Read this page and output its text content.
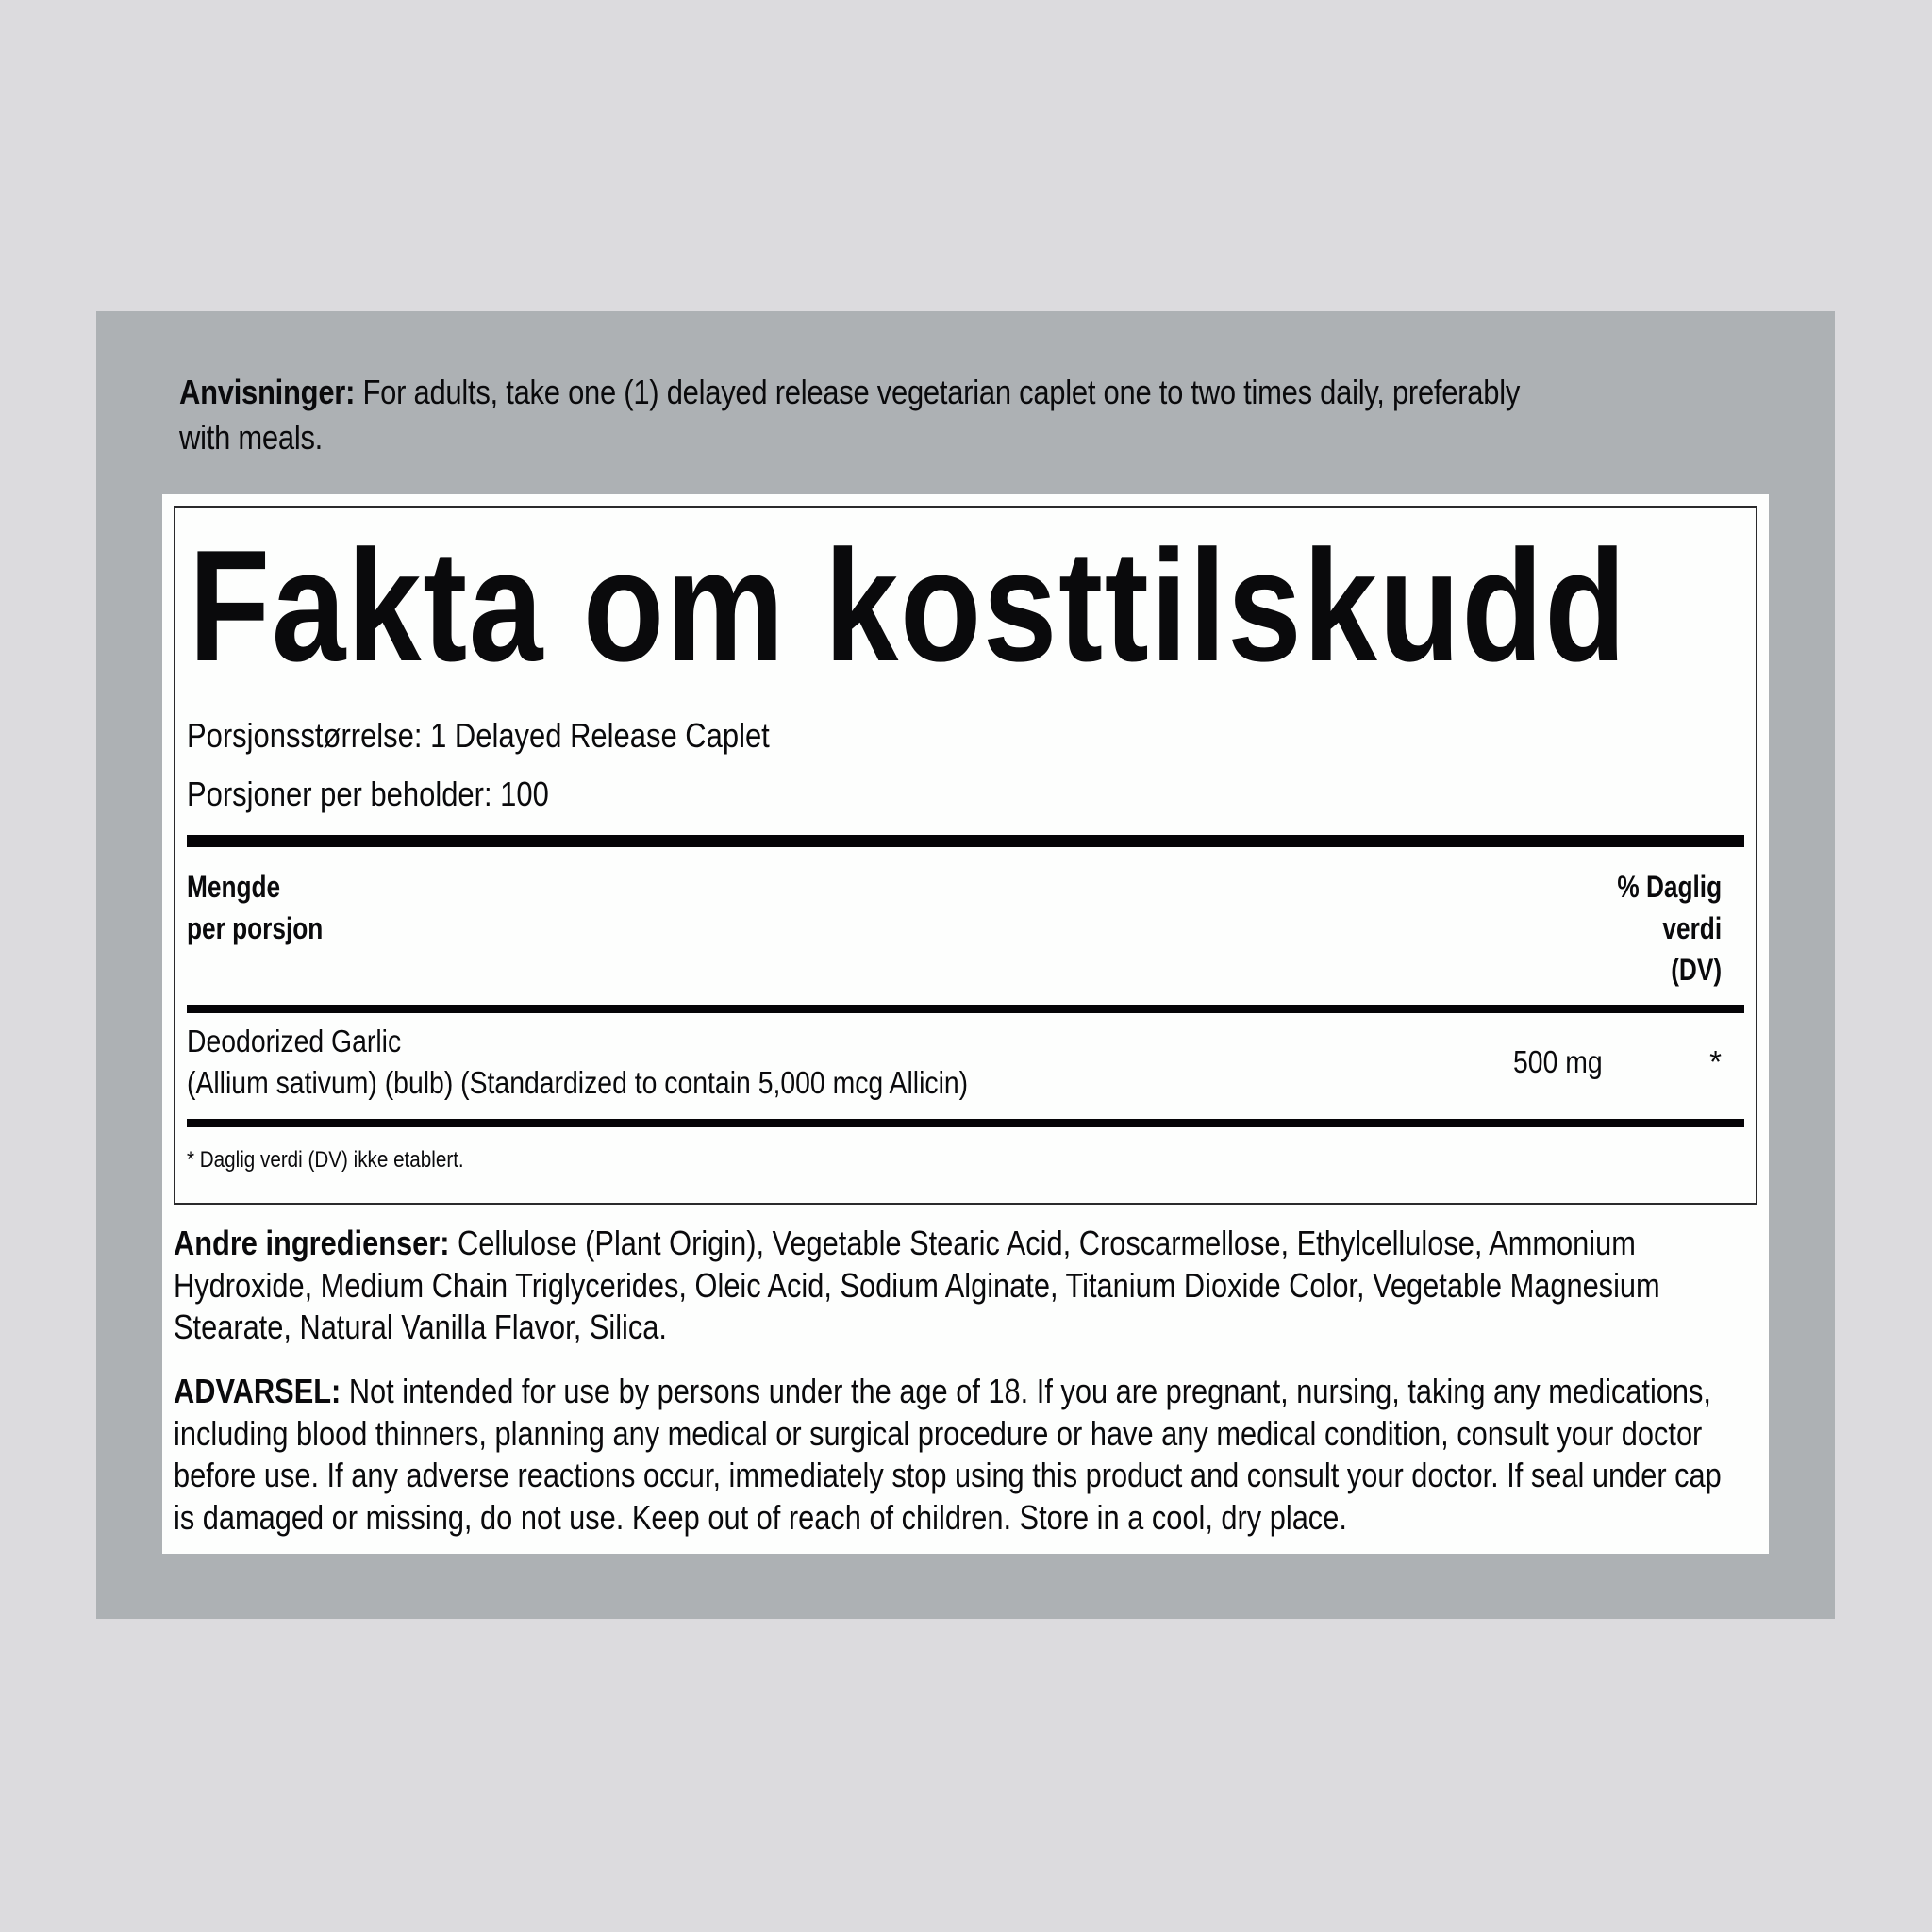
Anvisninger: For adults, take one (1) delayed release vegetarian caplet one to two times daily, preferably
with meals.
Fakta om kosttilskudd
Porsjonsstørrelse: 1 Delayed Release Caplet
Porsjoner per beholder: 100
Mengde
per porsjon
% Daglig
verdi
(DV)
Deodorized Garlic
(Allium sativum) (bulb) (Standardized to contain 5,000 mcg Allicin)
500 mg	*
* Daglig verdi (DV) ikke etablert.
Andre ingredienser: Cellulose (Plant Origin), Vegetable Stearic Acid, Croscarmellose, Ethylcellulose, Ammonium
Hydroxide, Medium Chain Triglycerides, Oleic Acid, Sodium Alginate, Titanium Dioxide Color, Vegetable Magnesium
Stearate, Natural Vanilla Flavor, Silica.
ADVARSEL: Not intended for use by persons under the age of 18. If you are pregnant, nursing, taking any medications,
including blood thinners, planning any medical or surgical procedure or have any medical condition, consult your doctor
before use. If any adverse reactions occur, immediately stop using this product and consult your doctor. If seal under cap
is damaged or missing, do not use. Keep out of reach of children. Store in a cool, dry place.
